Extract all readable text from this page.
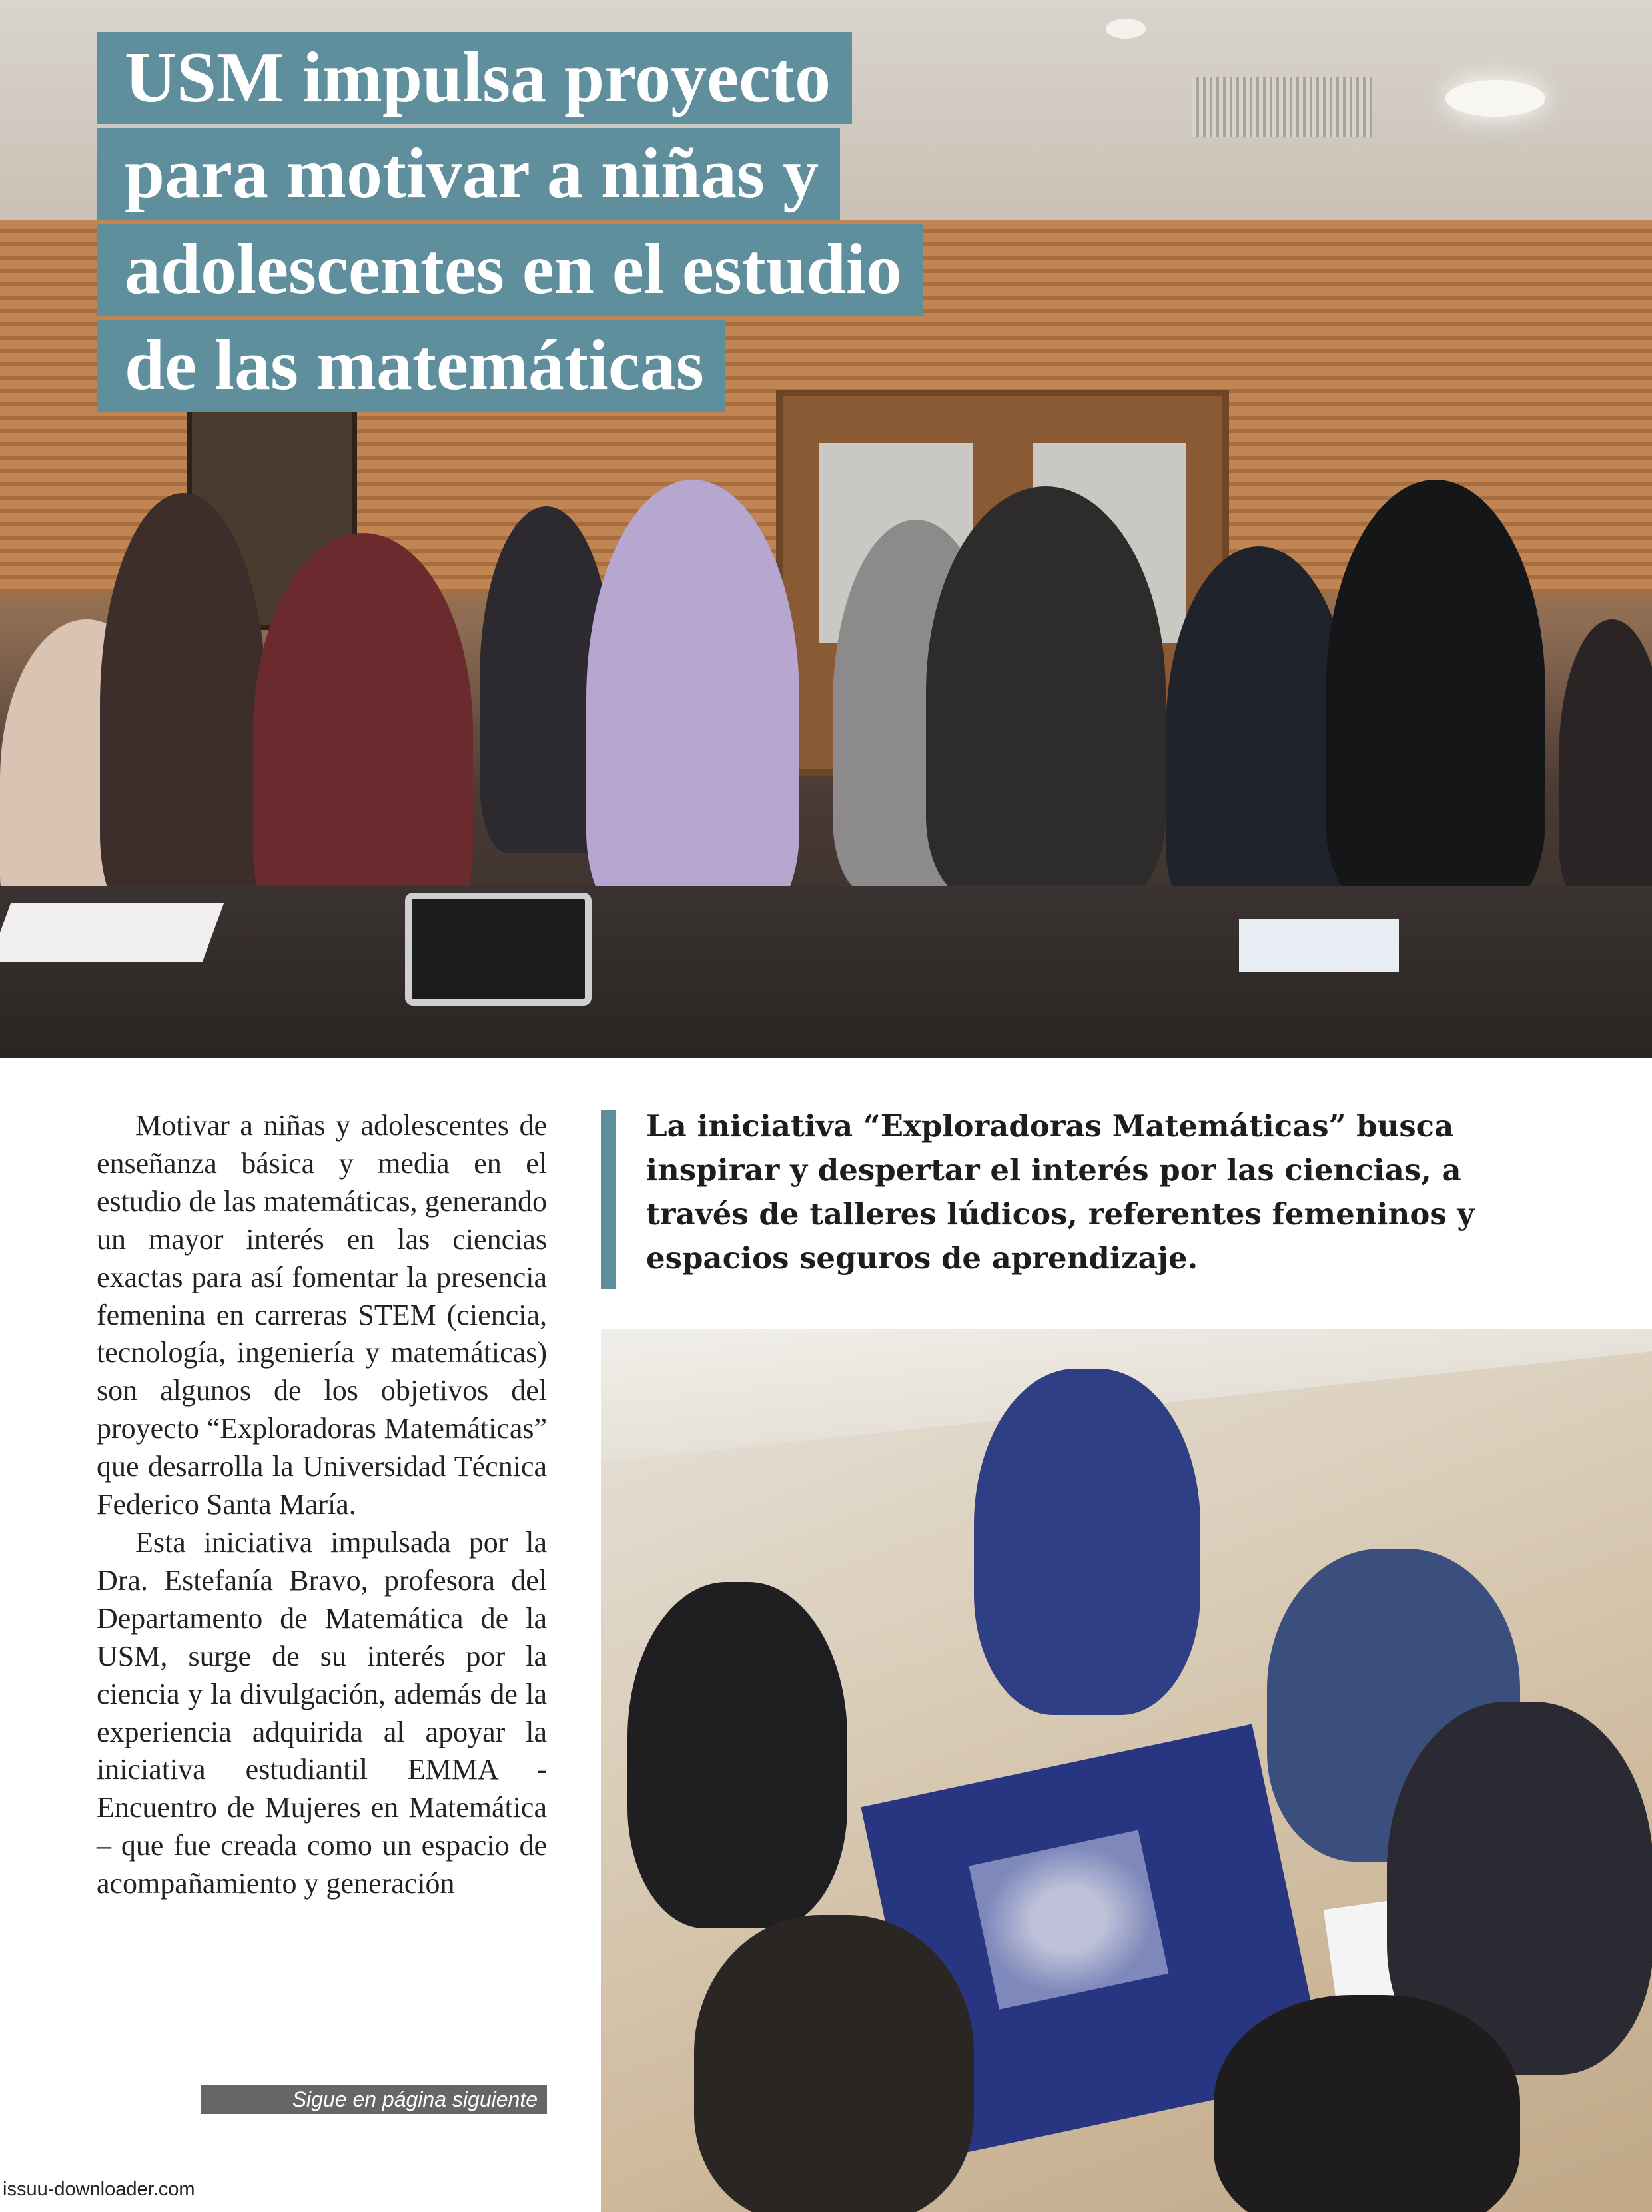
USM impulsa proyecto
para motivar a niñas y
adolescentes en el estudio
de las matemáticas

Motivar a niñas y adolescentes de enseñanza básica y media en el estudio de las matemáticas, generando un mayor interés en las ciencias exactas para así fomentar la presencia femenina en carreras STEM (ciencia, tecnología, ingeniería y matemáticas) son algunos de los objetivos del proyecto “Exploradoras Matemáticas” que desarrolla la Universidad Técnica Federico Santa María.

Esta iniciativa impulsada por la Dra. Estefanía Bravo, profesora del Departamento de Matemática de la USM, surge de su interés por la ciencia y la divulgación, además de la experiencia adquirida al apoyar la iniciativa estudiantil EMMA - Encuentro de Mujeres en Matemática – que fue creada como un espacio de acompañamiento y generación

La iniciativa “Exploradoras Matemáticas” busca inspirar y despertar el interés por las ciencias, a través de talleres lúdicos, referentes femeninos y espacios seguros de aprendizaje.

Sigue en página siguiente
issuu-downloader.com
